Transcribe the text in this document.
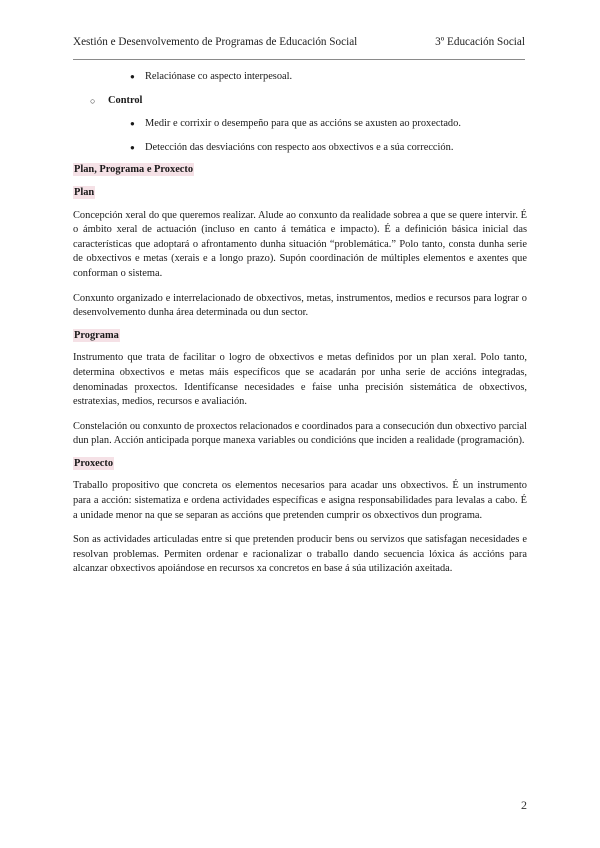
Xestión e Desenvolvemento de Programas de Educación Social	3º Educación Social
● Relaciónase co aspecto interpesoal.
○ Control
● Medir e corrixir o desempeño para que as accións se axusten ao proxectado.
● Detección das desviacións con respecto aos obxectivos e a súa corrección.
Plan, Programa e Proxecto
Plan

Concepción xeral do que queremos realizar. Alude ao conxunto da realidade sobrea a que se quere intervir. É o ámbito xeral de actuación (incluso en canto á temática e impacto). É a definición básica inicial das características que adoptará o afrontamento dunha situación “problemática.” Polo tanto, consta dunha serie de obxectivos e metas (xerais e a longo prazo). Supón coordinación de múltiples elementos e axentes que conforman o sistema.

Conxunto organizado e interrelacionado de obxectivos, metas, instrumentos, medios e recursos para lograr o desenvolvemento dunha área determinada ou dun sector.

Programa

Instrumento que trata de facilitar o logro de obxectivos e metas definidos por un plan xeral. Polo tanto, determina obxectivos e metas máis específicos que se acadarán por unha serie de accións integradas, denominadas proxectos. Identifícanse necesidades e faise unha precisión sistemática de obxectivos, estratexias, medios, recursos e avaliación.

Constelación ou conxunto de proxectos relacionados e coordinados para a consecución dun obxectivo parcial dun plan. Acción anticipada porque manexa variables ou condicións que inciden a realidade (programación).

Proxecto

Traballo propositivo que concreta os elementos necesarios para acadar uns obxectivos. É un instrumento para a acción: sistematiza e ordena actividades específicas e asigna responsabilidades para levalas a cabo. É a unidade menor na que se separan as accións que pretenden cumprir os obxectivos dun programa.

Son as actividades articuladas entre si que pretenden producir bens ou servizos que satisfagan necesidades e resolvan problemas. Permiten ordenar e racionalizar o traballo dando secuencia lóxica ás accións para alcanzar obxectivos apoiándose en recursos xa concretos en base á súa utilización axeitada.

2
